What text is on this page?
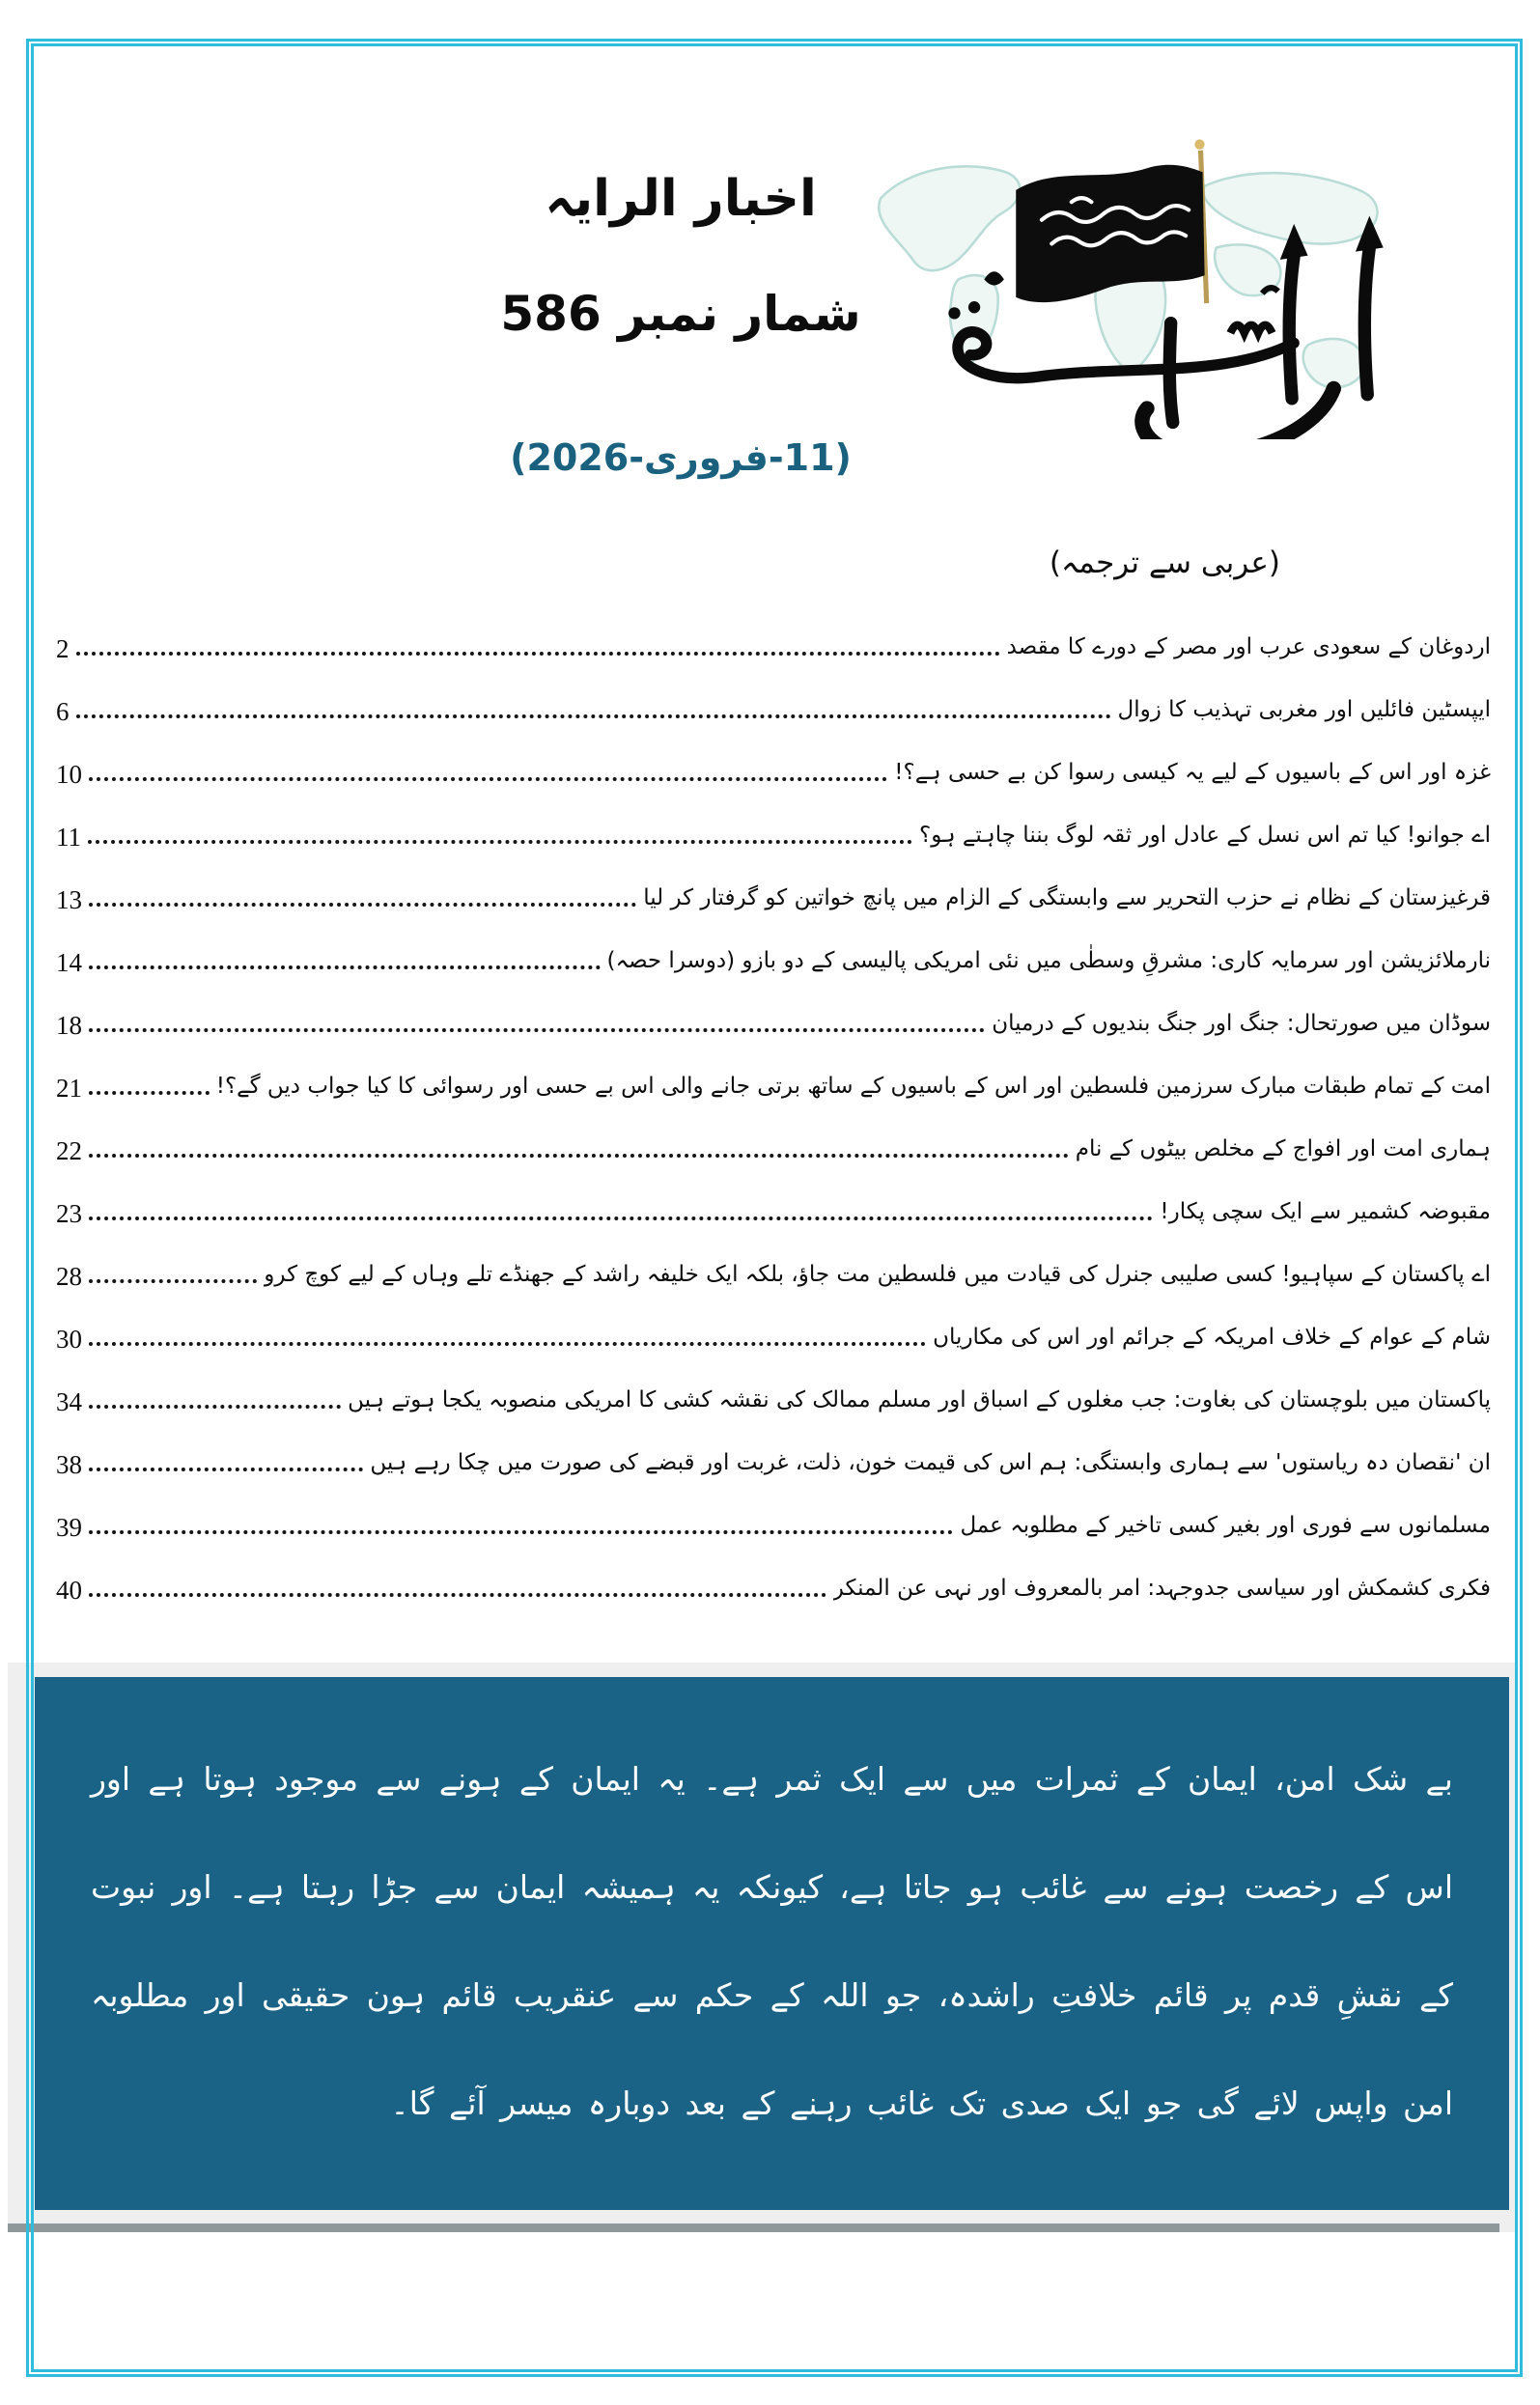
اخبار الرایہ
شمار نمبر 586
(11-فروری-2026)
(عربی سے ترجمہ)
اردوغان کے سعودی عرب اور مصر کے دورے کا مقصد
2
ایپسٹین فائلیں اور مغربی تہذیب کا زوال
6
غزہ اور اس کے باسیوں کے لیے یہ کیسی رسوا کن بے حسی ہے؟!
10
اے جوانو! کیا تم اس نسل کے عادل اور ثقہ لوگ بننا چاہتے ہو؟
11
قرغیزستان کے نظام نے حزب التحریر سے وابستگی کے الزام میں پانچ خواتین کو گرفتار کر لیا
13
نارملائزیشن اور سرمایہ کاری: مشرقِ وسطٰی میں نئی امریکی پالیسی کے دو بازو (دوسرا حصہ)
14
سوڈان میں صورتحال: جنگ اور جنگ بندیوں کے درمیان
18
امت کے تمام طبقات مبارک سرزمین فلسطین اور اس کے باسیوں کے ساتھ برتی جانے والی اس بے حسی اور رسوائی کا کیا جواب دیں گے؟!
21
ہماری امت اور افواج کے مخلص بیٹوں کے نام
22
مقبوضہ کشمیر سے ایک سچی پکار!
23
اے پاکستان کے سپاہیو! کسی صلیبی جنرل کی قیادت میں فلسطین مت جاؤ، بلکہ ایک خلیفہ راشد کے جھنڈے تلے وہاں کے لیے کوچ کرو
28
شام کے عوام کے خلاف امریکہ کے جرائم اور اس کی مکاریاں
30
پاکستان میں بلوچستان کی بغاوت: جب مغلوں کے اسباق اور مسلم ممالک کی نقشہ کشی کا امریکی منصوبہ یکجا ہوتے ہیں
34
ان 'نقصان دہ ریاستوں' سے ہماری وابستگی: ہم اس کی قیمت خون، ذلت، غربت اور قبضے کی صورت میں چکا رہے ہیں
38
مسلمانوں سے فوری اور بغیر کسی تاخیر کے مطلوبہ عمل
39
فکری کشمکش اور سیاسی جدوجہد: امر بالمعروف اور نہی عن المنکر
40
بے شک امن، ایمان کے ثمرات میں سے ایک ثمر ہے۔ یہ ایمان کے ہونے سے موجود ہوتا ہے اور اس کے رخصت ہونے سے غائب ہو جاتا ہے، کیونکہ یہ ہمیشہ ایمان سے جڑا رہتا ہے۔ اور نبوت کے نقشِ قدم پر قائم خلافتِ راشدہ، جو اللہ کے حکم سے عنقریب قائم ہون حقیقی اور مطلوبہ امن واپس لائے گی جو ایک صدی تک غائب رہنے کے بعد دوبارہ میسر آئے گا۔
